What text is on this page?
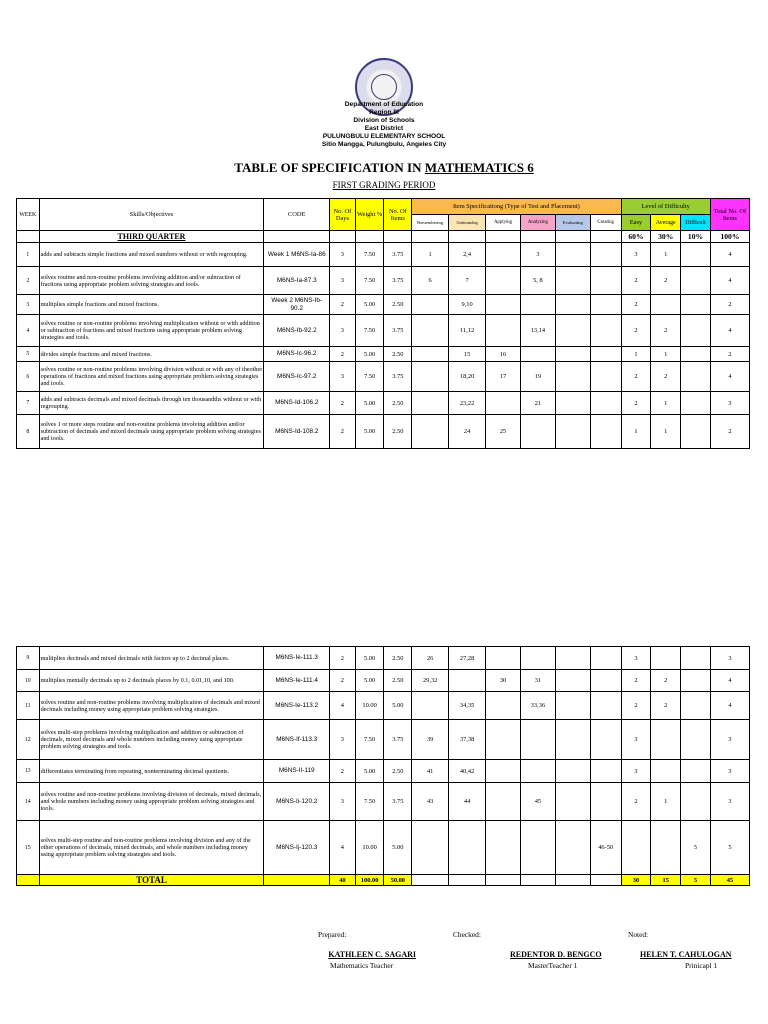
Department of Education
Region III
Division of Schools
East District
PULUNGBULU ELEMENTARY SCHOOL
Sitio Mangga, Pulungbulu, Angeles City
TABLE OF SPECIFICATION IN MATHEMATICS 6
FIRST GRADING PERIOD
WEEK	Skills/Objectives	CODE	No. Of Days	Weight %	No. Of Items	Item Specificationg (Type of Test and Placement)						Level of Difficulty			Total No. Of Items
						Remembering	Understanding	Applying	Analyzing	Evaluating	Creating	Easy	Average	Difficult	
	THIRD QUARTER											60%	30%	10%	100%
1	adds and subtracts simple fractions and mixed numbers without or with regrouping.	Week 1 M6NS-Ia-86	3	7.50	3.75	1	2,4		3			3	1		4
2	solves routine and non-routine problems involving addition and/or subtraction of fractions using appropriate problem solving strategies and tools.	M6NS-Ia-87.3	3	7.50	3.75	6	7		5, 8			2	2		4
3	multiplies simple fractions and mixed fractions.	Week 2 M6NS-Ib-90.2	2	5.00	2.50		9,10					2			2
4	solves routine or non-routine problems involving multiplication without or with addition or subtraction of fractions and mixed fractions using appropriate problem solving strategies and tools.	M6NS-Ib-92.2	3	7.50	3.75		11,12		13,14			2	2		4
5	divides simple fractions and mixed fractions.	M6NS-Ic-96.2	2	5.00	2.50		15	16				1	1		2
6	solves routine or non-routine problems involving division without or with any of theother operations of fractions and mixed fractions using appropriate problem solving strategies and tools.	M6NS-Ic-97.2	3	7.50	3.75		18,20	17	19			2	2		4
7	adds and subtracts decimals and mixed decimals through ten thousandths without or with regrouping.	M6NS-Id-106.2	2	5.00	2.50		23,22		21			2	1		3
8	solves 1 or more steps routine and non-routine problems involving addition and/or subtraction of decimals and mixed decimals using appropriate problem solving strategies and tools.	M6NS-Id-108.2	2	5.00	2.50		24	25				1	1		2
9	multiplies decimals and mixed decimals with factors up to 2 decimal places.	M6NS-Ie-111.3	2	5.00	2.50	26	27,28					3			3
10	multiplies mentally decimals up to 2 decimals places by 0.1, 0.01,10, and 100.	M6NS-Ie-111.4	2	5.00	2.50	29,32		30	31			2	2		4
11	solves routine and non-routine problems involving multiplication of decimals and mixed decimals including money using appropriate problem solving strategies.	M6NS-Ie-113.2	4	10.00	5.00		34,35		33,36			2	2		4
12	solves multi-step problems involving multiplication and addition or subtraction of decimals, mixed decimals and whole numbers including money using appropriate problem solving strategies and tools.	M6NS-If-113.3	3	7.50	3.75	39	37,38					3			3
13	differentiates terminating from repeating, nonterminating decimal quotients.	M6NS-II-119	2	5.00	2.50	41	40,42					3			3
14	solves routine and non-routine problems involving division of decimals, mixed decimals, and whole numbers including money using appropriate problem solving strategies and tools.	M6NS-Ii-120.2	3	7.50	3.75	43	44		45			2	1		3
15	solves multi-step routine and non-routine problems involving division and any of the other operations of decimals, mixed decimals, and whole numbers including money using appropriate problem solving strategies and tools.	M6NS-Ij-120.3	4	10.00	5.00						46-50			5	5
	TOTAL		40	100.00	50.00							30	15	5	45
Prepared:	Checked:	Noted:
KATHLEEN C. SAGARI
Mathematics Teacher
REDENTOR D. BENGCO
MasterTeacher 1
HELEN T. CAHULOGAN
Prinicapl 1
